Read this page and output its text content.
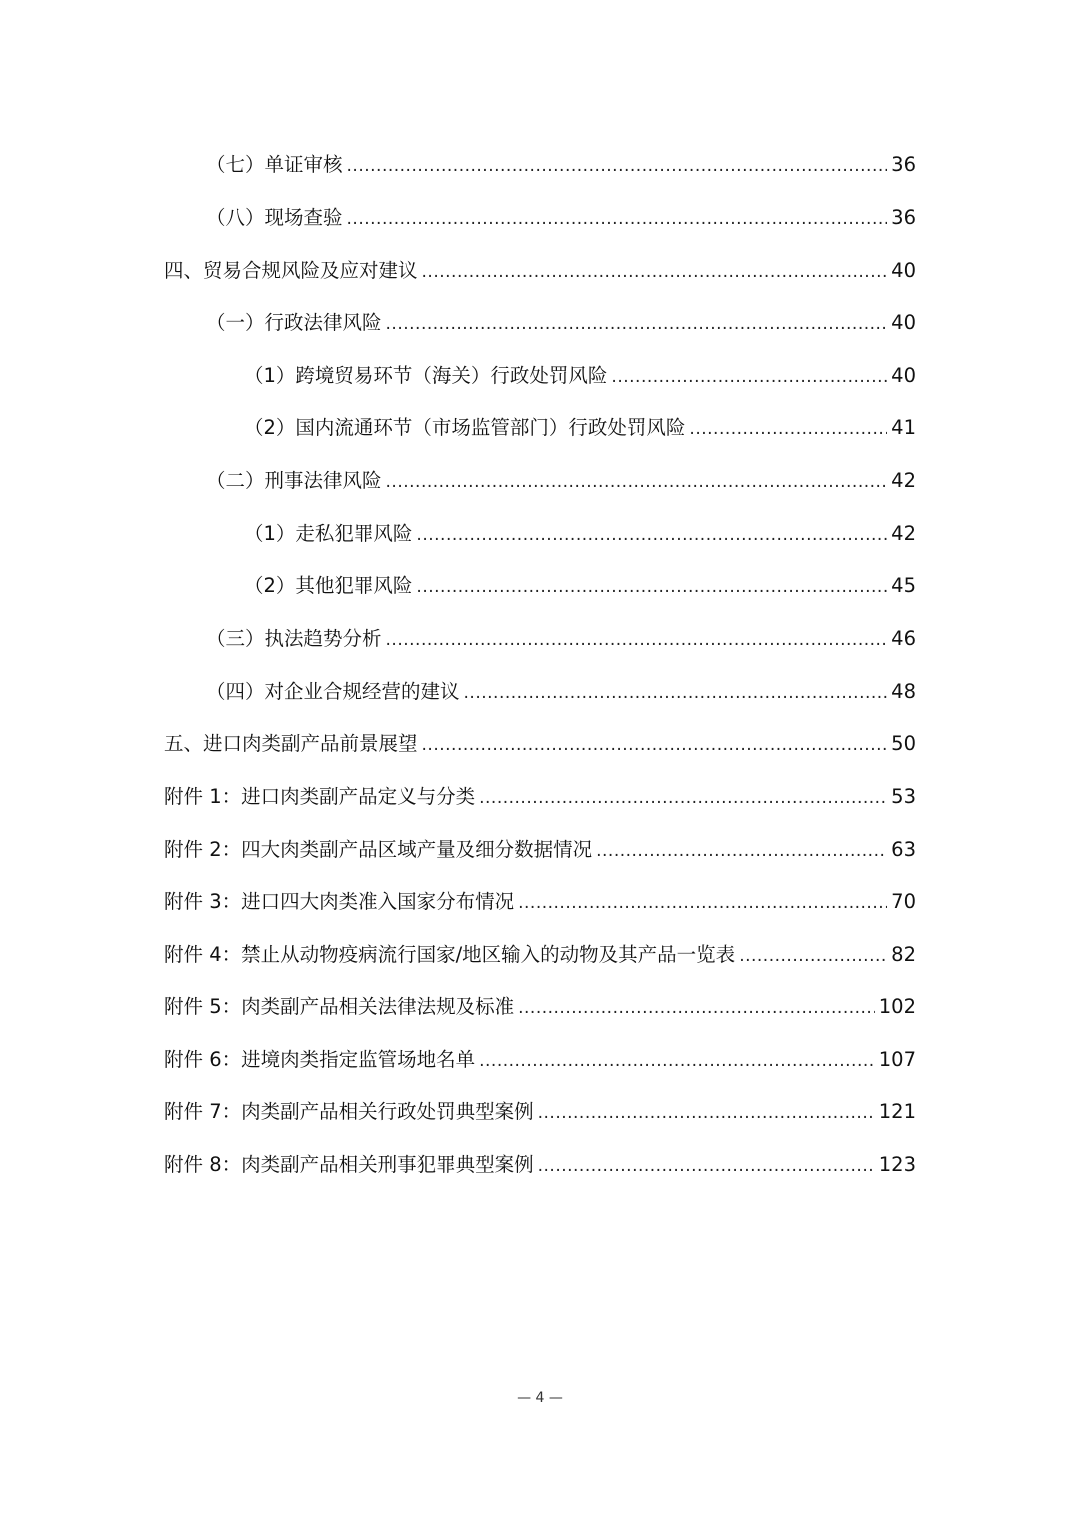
（七）单证审核 .....	36
（八）现场查验 .....	36
四、贸易合规风险及应对建议 .....	40
（一）行政法律风险 .....	40
（1）跨境贸易环节（海关）行政处罚风险 .....	40
（2）国内流通环节（市场监管部门）行政处罚风险 .....	41
（二）刑事法律风险 .....	42
（1）走私犯罪风险 .....	42
（2）其他犯罪风险 .....	45
（三）执法趋势分析 .....	46
（四）对企业合规经营的建议 .....	48
五、进口肉类副产品前景展望 .....	50
附件 1：进口肉类副产品定义与分类 .....	53
附件 2：四大肉类副产品区域产量及细分数据情况 .....	63
附件 3：进口四大肉类准入国家分布情况 .....	70
附件 4：禁止从动物疫病流行国家/地区输入的动物及其产品一览表 .....	82
附件 5：肉类副产品相关法律法规及标准 .....	102
附件 6：进境肉类指定监管场地名单 .....	107
附件 7：肉类副产品相关行政处罚典型案例 .....	121
附件 8：肉类副产品相关刑事犯罪典型案例 .....	123
— 4 —
